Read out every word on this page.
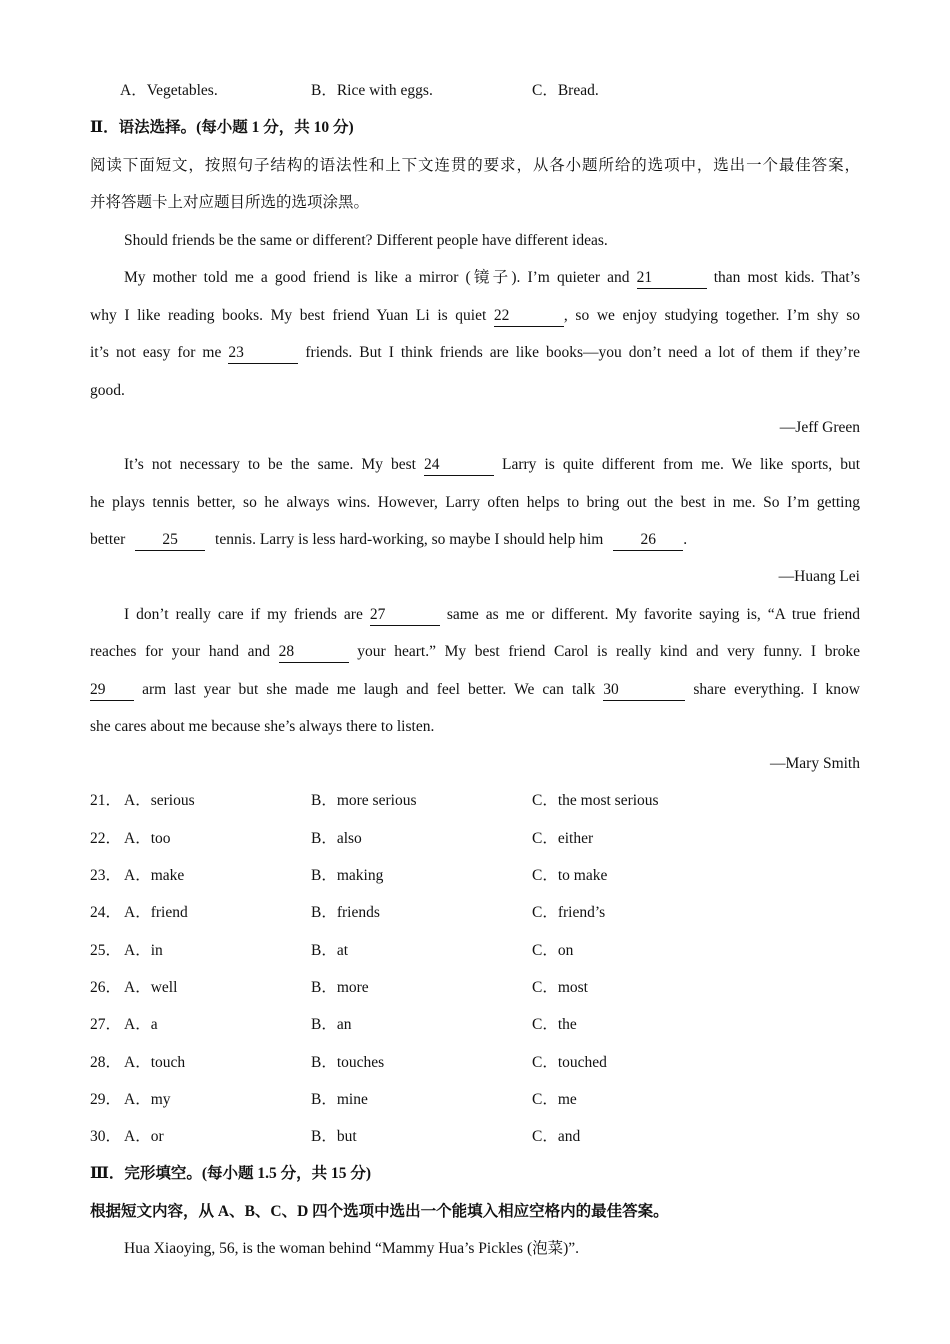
A．Vegetables.	B．Rice with eggs.	C．Bread.
Ⅱ．语法选择。(每小题 1 分，共 10 分)
阅读下面短文，按照句子结构的语法性和上下文连贯的要求，从各小题所给的选项中，选出一个最佳答案，
并将答题卡上对应题目所选的选项涂黑。
Should friends be the same or different? Different people have different ideas.
My mother told me a good friend is like a mirror (镜子). I’m quieter and 21	than most kids. That’s
why I like reading books. My best friend Yuan Li is quiet 22	, so we enjoy studying together. I’m shy so
it’s not easy for me 23	friends. But I think friends are like books—you don’t need a lot of them if they’re
good.
—Jeff Green
It’s not necessary to be the same. My best 24	Larry is quite different from me. We like sports, but
he plays tennis better, so he always wins. However, Larry often helps to bring out the best in me. So I’m getting
better 25 tennis. Larry is less hard-working, so maybe I should help him 26 .
—Huang Lei
I don’t really care if my friends are 27	same as me or different. My favorite saying is, “A true friend
reaches for your hand and 28	your heart.” My best friend Carol is really kind and very funny. I broke
29 arm last year but she made me laugh and feel better. We can talk 30	share everything. I know
she cares about me because she’s always there to listen.
—Mary Smith
21． A．serious	B．more serious	C．the most serious
22． A．too	B．also	C．either
23． A．make	B．making	C．to make
24． A．friend	B．friends	C．friend’s
25． A．in	B．at	C．on
26． A．well	B．more	C．most
27． A．a	B．an	C．the
28． A．touch	B．touches	C．touched
29． A．my	B．mine	C．me
30． A．or	B．but	C．and
Ⅲ．完形填空。(每小题 1.5 分，共 15 分)
根据短文内容，从 A、B、C、D 四个选项中选出一个能填入相应空格内的最佳答案。
Hua Xiaoying, 56, is the woman behind “Mammy Hua’s Pickles (泡菜)”.
